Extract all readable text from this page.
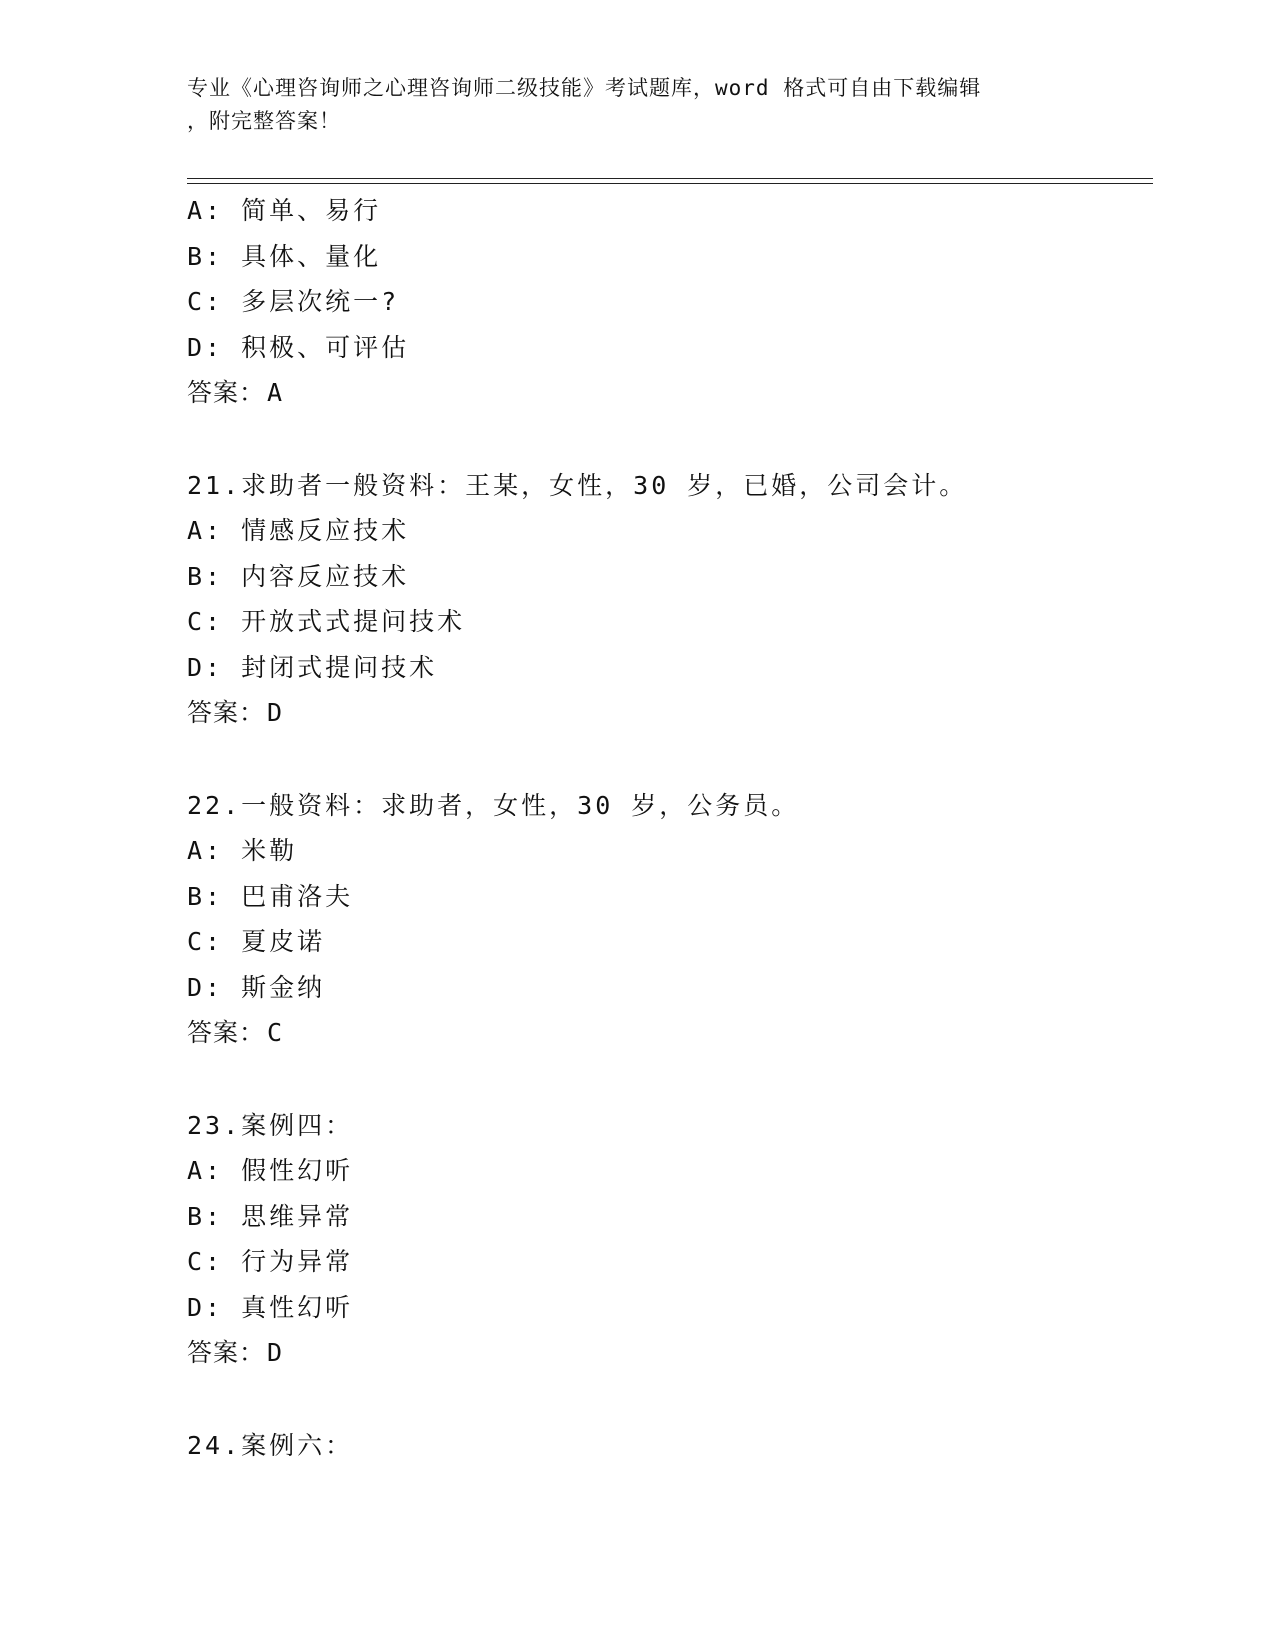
专业《心理咨询师之心理咨询师二级技能》考试题库，word 格式可自由下载编辑
，附完整答案！
A: 简单、易行
B: 具体、量化
C: 多层次统一?
D: 积极、可评估
答案：A
21.求助者一般资料：王某，女性，30 岁，已婚，公司会计。
A: 情感反应技术
B: 内容反应技术
C: 开放式式提问技术
D: 封闭式提问技术
答案：D
22.一般资料：求助者，女性，30 岁，公务员。
A: 米勒
B: 巴甫洛夫
C: 夏皮诺
D: 斯金纳
答案：C
23.案例四：
A: 假性幻听
B: 思维异常
C: 行为异常
D: 真性幻听
答案：D
24.案例六：
